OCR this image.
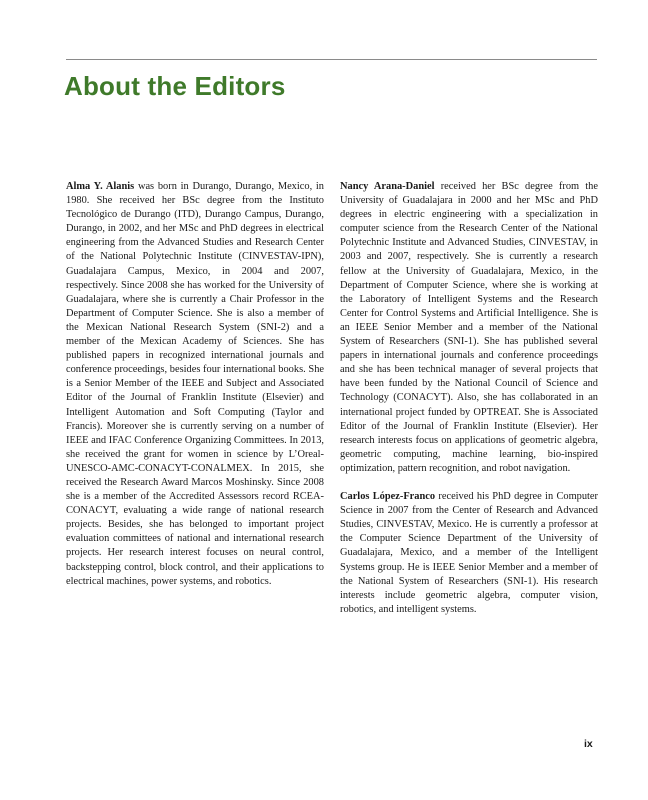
About the Editors

Alma Y. Alanis was born in Durango, Durango, Mexico, in 1980. She received her BSc degree from the Instituto Tecnológico de Durango (ITD), Durango Campus, Durango, Durango, in 2002, and her MSc and PhD degrees in electrical engineering from the Advanced Studies and Research Center of the National Polytechnic Institute (CINVESTAV-IPN), Guadalajara Campus, Mexico, in 2004 and 2007, respectively. Since 2008 she has worked for the University of Guadalajara, where she is currently a Chair Professor in the Department of Computer Science. She is also a member of the Mexican National Research System (SNI-2) and a member of the Mexican Academy of Sciences. She has published papers in recognized international journals and conference proceedings, besides four international books. She is a Senior Member of the IEEE and Subject and Associated Editor of the Journal of Franklin Institute (Elsevier) and Intelligent Automation and Soft Computing (Taylor and Francis). Moreover she is currently serving on a number of IEEE and IFAC Conference Organizing Committees. In 2013, she received the grant for women in science by L’Oreal-UNESCO-AMC-CONACYT-CONALMEX. In 2015, she received the Research Award Marcos Moshinsky. Since 2008 she is a member of the Accredited Assessors record RCEA-CONACYT, evaluating a wide range of national research projects. Besides, she has belonged to important project evaluation committees of national and international research projects. Her research interest focuses on neural control, backstepping control, block control, and their applications to electrical machines, power systems, and robotics.

Nancy Arana-Daniel received her BSc degree from the University of Guadalajara in 2000 and her MSc and PhD degrees in electric engineering with a specialization in computer science from the Research Center of the National Polytechnic Institute and Advanced Studies, CINVESTAV, in 2003 and 2007, respectively. She is currently a research fellow at the University of Guadalajara, Mexico, in the Department of Computer Science, where she is working at the Laboratory of Intelligent Systems and the Research Center for Control Systems and Artificial Intelligence. She is an IEEE Senior Member and a member of the National System of Researchers (SNI-1). She has published several papers in international journals and conference proceedings and she has been technical manager of several projects that have been funded by the National Council of Science and Technology (CONACYT). Also, she has collaborated in an international project funded by OPTREAT. She is Associated Editor of the Journal of Franklin Institute (Elsevier). Her research interests focus on applications of geometric algebra, geometric computing, machine learning, bio-inspired optimization, pattern recognition, and robot navigation.

Carlos López-Franco received his PhD degree in Computer Science in 2007 from the Center of Research and Advanced Studies, CINVESTAV, Mexico. He is currently a professor at the Computer Science Department of the University of Guadalajara, Mexico, and a member of the Intelligent Systems group. He is IEEE Senior Member and a member of the National System of Researchers (SNI-1). His research interests include geometric algebra, computer vision, robotics, and intelligent systems.

ix
